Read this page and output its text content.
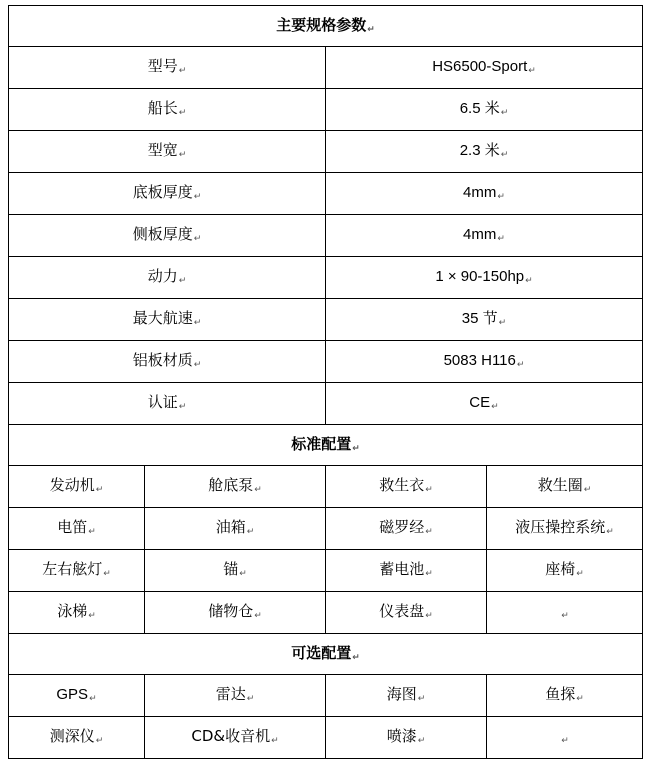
主要规格参数↵			
型号↵		HS6500-Sport↵	
船长↵		6.5 米↵	
型宽↵		2.3 米↵	
底板厚度↵		4mm↵	
侧板厚度↵		4mm↵	
动力↵		1 × 90-150hp↵	
最大航速↵		35 节↵	
铝板材质↵		5083 H116↵	
认证↵		CE↵	
标准配置↵			
发动机↵	舱底泵↵	救生衣↵	救生圈↵
电笛↵	油箱↵	磁罗经↵	液压操控系统↵
左右舷灯↵	锚↵	蓄电池↵	座椅↵
泳梯↵	储物仓↵	仪表盘↵	↵
可选配置↵			
GPS↵	雷达↵	海图↵	鱼探↵
测深仪↵	CD&收音机↵	喷漆↵	↵
